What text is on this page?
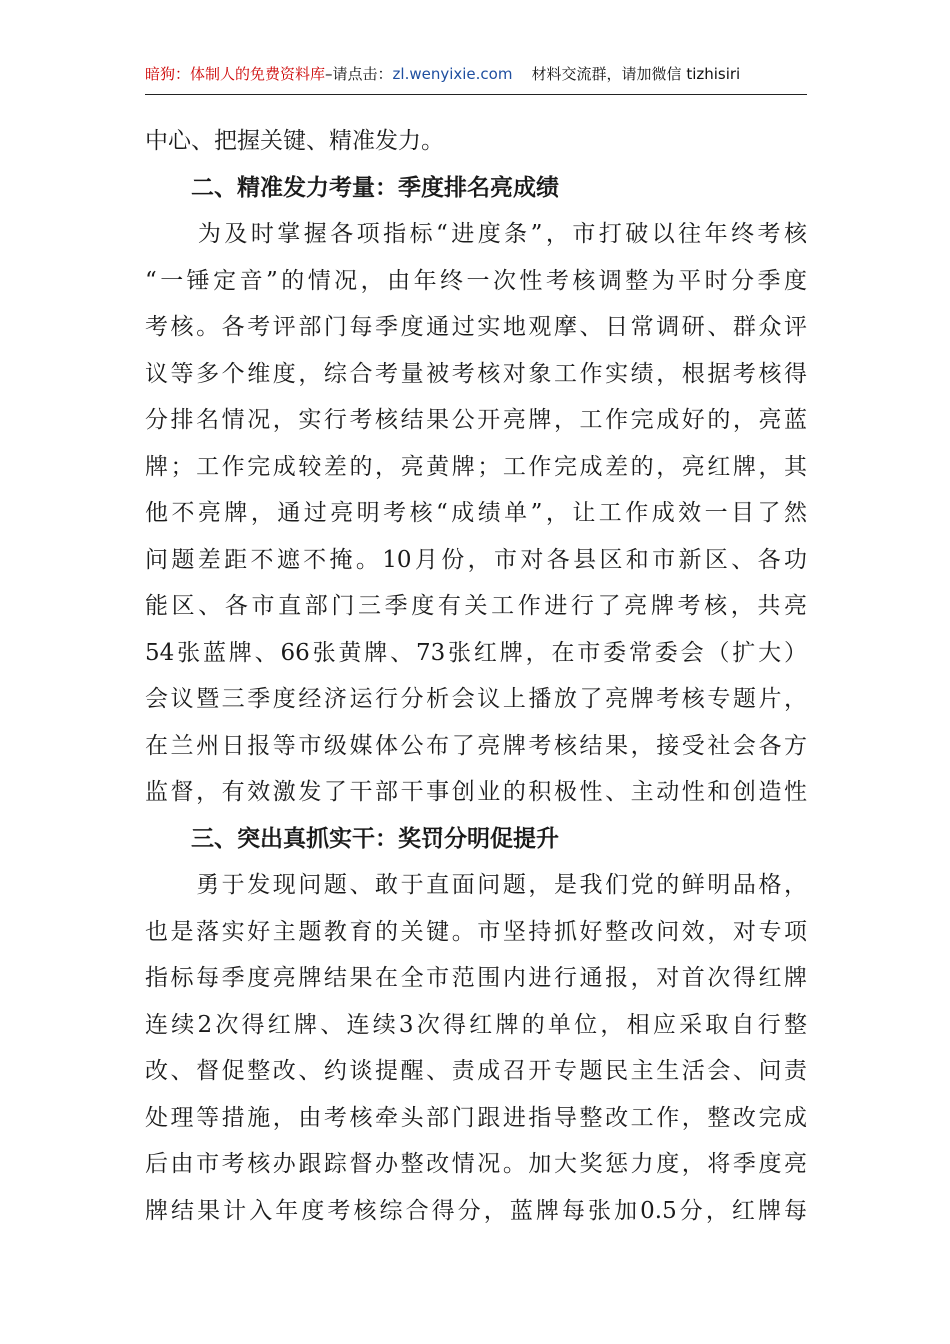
暗狗：体制人的免费资料库–请点击：zl.wenyixie.com 材料交流群，请加微信 tizhisiri
中心、把握关键、精准发力。
二、精准发力考量：季度排名亮成绩
　　为及时掌握各项指标“进度条”，市打破以往年终考核
“一锤定音”的情况，由年终一次性考核调整为平时分季度
考核。各考评部门每季度通过实地观摩、日常调研、群众评
议等多个维度，综合考量被考核对象工作实绩，根据考核得
分排名情况，实行考核结果公开亮牌，工作完成好的，亮蓝
牌；工作完成较差的，亮黄牌；工作完成差的，亮红牌，其
他不亮牌，通过亮明考核“成绩单”，让工作成效一目了然
问题差距不遮不掩。10月份，市对各县区和市新区、各功
能区、各市直部门三季度有关工作进行了亮牌考核，共亮
54张蓝牌、66张黄牌、73张红牌，在市委常委会（扩大）
会议暨三季度经济运行分析会议上播放了亮牌考核专题片，
在兰州日报等市级媒体公布了亮牌考核结果，接受社会各方
监督，有效激发了干部干事创业的积极性、主动性和创造性
三、突出真抓实干：奖罚分明促提升
　　勇于发现问题、敢于直面问题，是我们党的鲜明品格，
也是落实好主题教育的关键。市坚持抓好整改问效，对专项
指标每季度亮牌结果在全市范围内进行通报，对首次得红牌
连续2次得红牌、连续3次得红牌的单位，相应采取自行整
改、督促整改、约谈提醒、责成召开专题民主生活会、问责
处理等措施，由考核牵头部门跟进指导整改工作，整改完成
后由市考核办跟踪督办整改情况。加大奖惩力度，将季度亮
牌结果计入年度考核综合得分，蓝牌每张加0.5分，红牌每
